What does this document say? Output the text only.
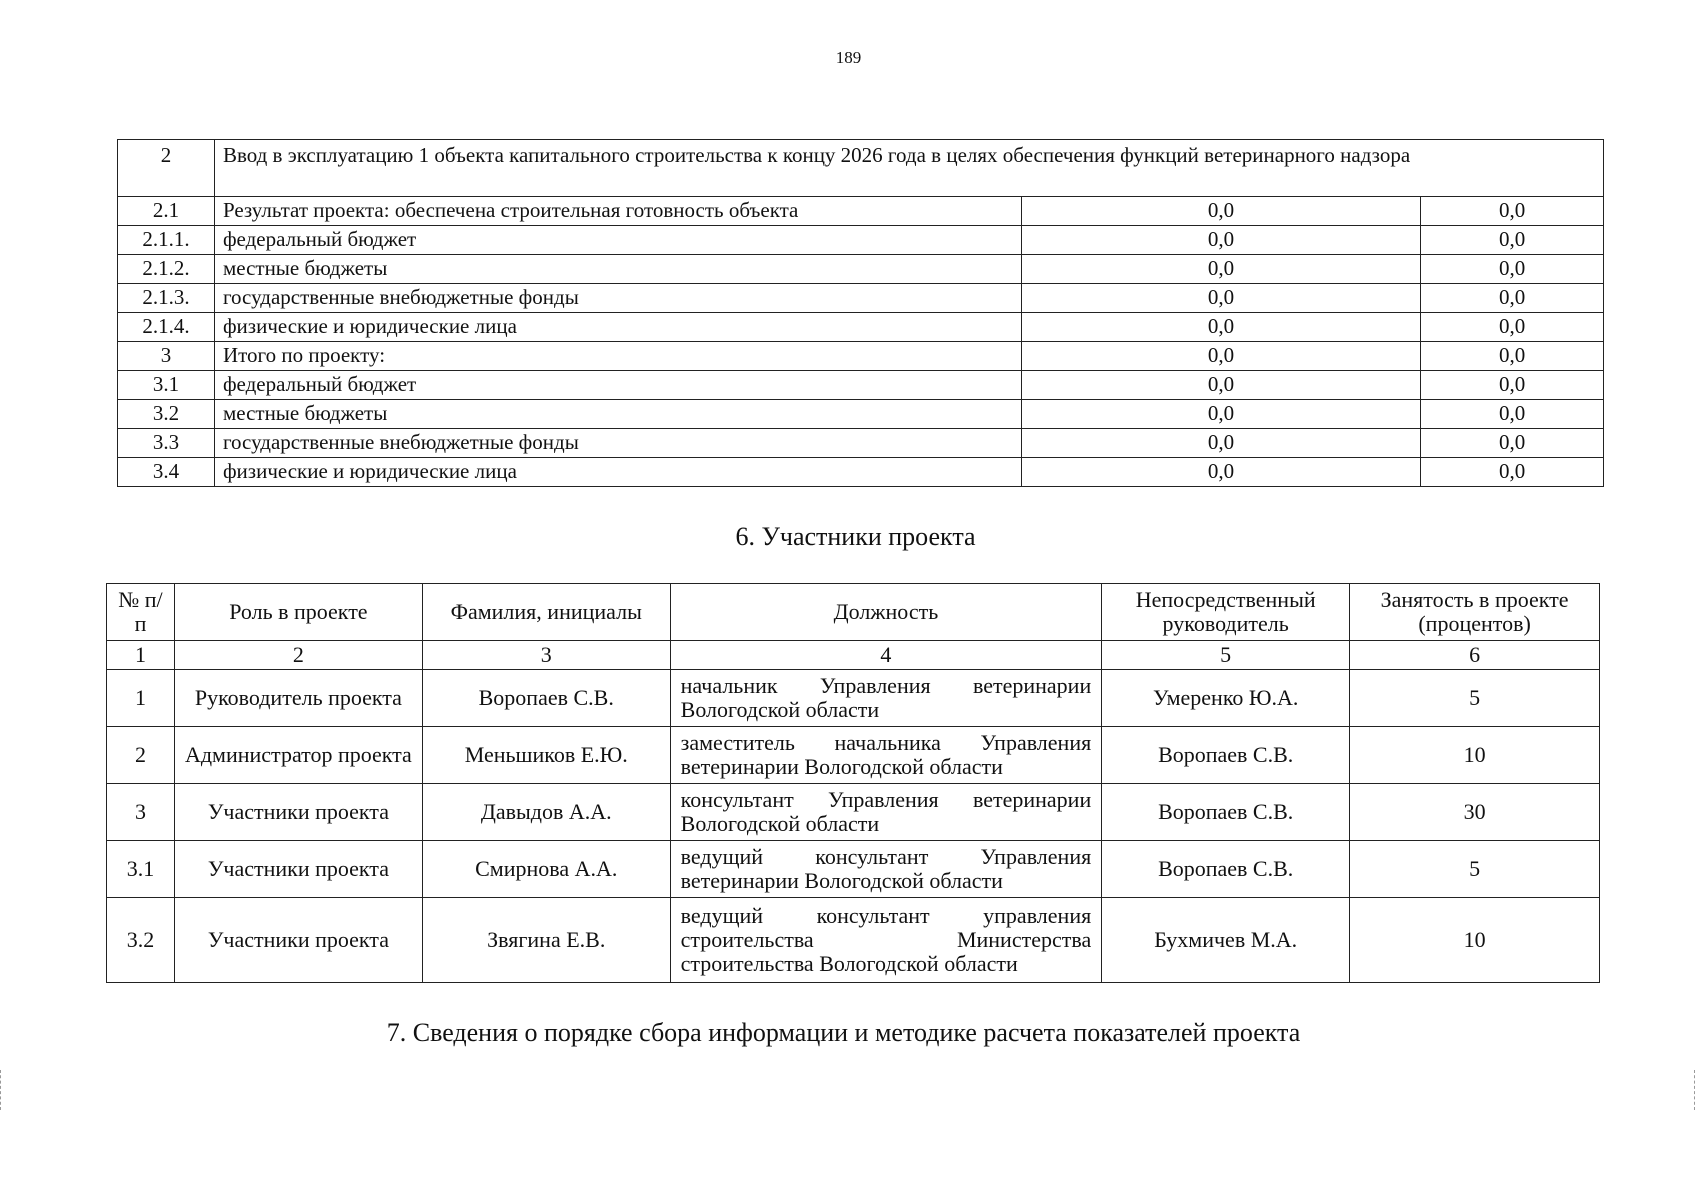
189
2	Ввод в эксплуатацию 1 объекта капитального строительства к концу 2026 года в целях обеспечения функций ветеринарного надзора		
2.1	Результат проекта: обеспечена строительная готовность объекта	0,0	0,0
2.1.1.	федеральный бюджет	0,0	0,0
2.1.2.	местные бюджеты	0,0	0,0
2.1.3.	государственные внебюджетные фонды	0,0	0,0
2.1.4.	физические и юридические лица	0,0	0,0
3	Итого по проекту:	0,0	0,0
3.1	федеральный бюджет	0,0	0,0
3.2	местные бюджеты	0,0	0,0
3.3	государственные внебюджетные фонды	0,0	0,0
3.4	физические и юридические лица	0,0	0,0
6. Участники проекта
№ п/п	Роль в проекте	Фамилия, инициалы	Должность	Непосредственный руководитель	Занятость в проекте (процентов)
1	2	3	4	5	6
1	Руководитель проекта	Воропаев С.В.	начальник Управления ветеринарии Вологодской области	Умеренко Ю.А.	5
2	Администратор проекта	Меньшиков Е.Ю.	заместитель начальника Управления ветеринарии Вологодской области	Воропаев С.В.	10
3	Участники проекта	Давыдов А.А.	консультант Управления ветеринарии Вологодской области	Воропаев С.В.	30
3.1	Участники проекта	Смирнова А.А.	ведущий консультант Управления ветеринарии Вологодской области	Воропаев С.В.	5
3.2	Участники проекта	Звягина Е.В.	ведущий консультант управления строительства Министерства строительства Вологодской области	Бухмичев М.А.	10
7. Сведения о порядке сбора информации и методике расчета показателей проекта
